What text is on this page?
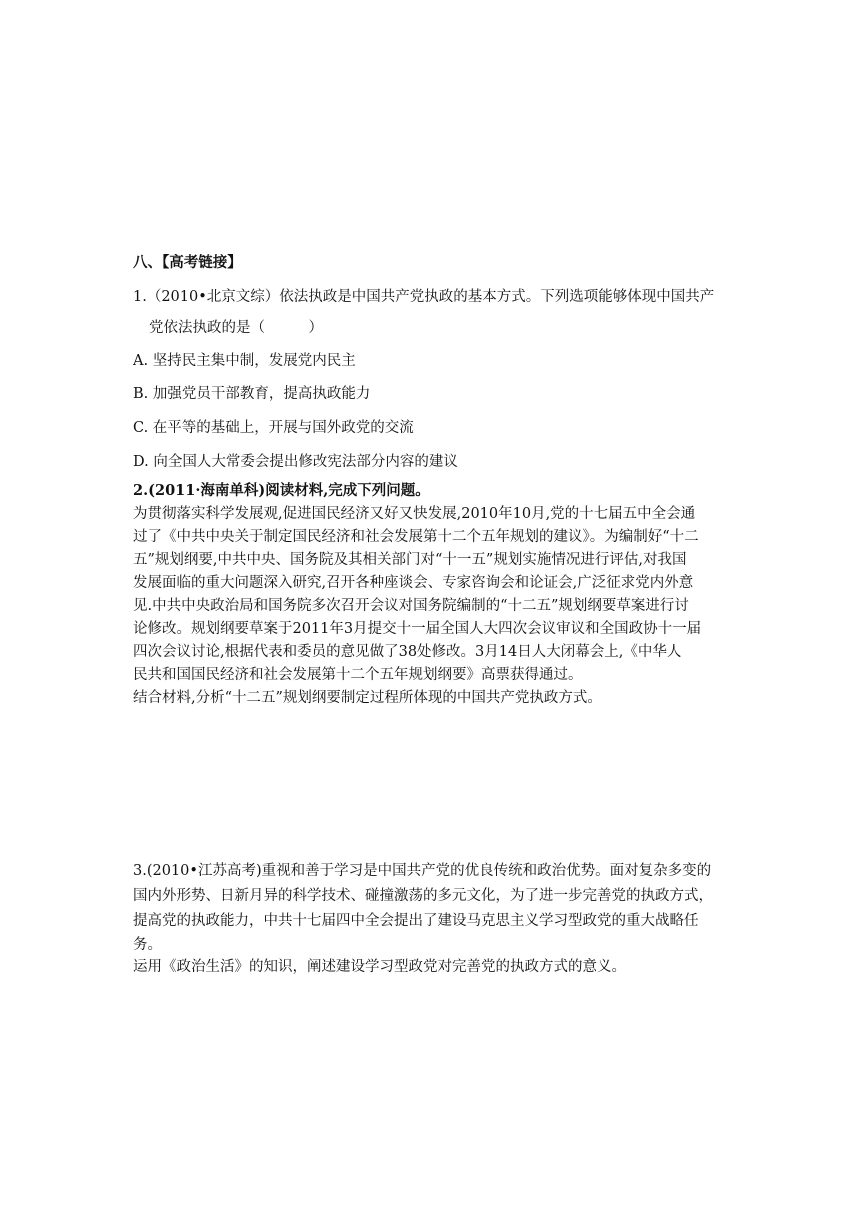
八、【高考链接】
1.（2010•北京文综）依法执政是中国共产党执政的基本方式。下列选项能够体现中国共产
党依法执政的是（　　　）
A. 坚持民主集中制，发展党内民主
B. 加强党员干部教育，提高执政能力
C. 在平等的基础上，开展与国外政党的交流
D. 向全国人大常委会提出修改宪法部分内容的建议
2.(2011·海南单科)阅读材料,完成下列问题。
为贯彻落实科学发展观,促进国民经济又好又快发展,2010年10月,党的十七届五中全会通
过了《中共中央关于制定国民经济和社会发展第十二个五年规划的建议》。为编制好“十二
五”规划纲要,中共中央、国务院及其相关部门对“十一五”规划实施情况进行评估,对我国
发展面临的重大问题深入研究,召开各种座谈会、专家咨询会和论证会,广泛征求党内外意
见.中共中央政治局和国务院多次召开会议对国务院编制的“十二五”规划纲要草案进行讨
论修改。规划纲要草案于2011年3月提交十一届全国人大四次会议审议和全国政协十一届
四次会议讨论,根据代表和委员的意见做了38处修改。3月14日人大闭幕会上,《中华人
民共和国国民经济和社会发展第十二个五年规划纲要》高票获得通过。
结合材料,分析“十二五”规划纲要制定过程所体现的中国共产党执政方式。
3.(2010•江苏高考)重视和善于学习是中国共产党的优良传统和政治优势。面对复杂多变的
国内外形势、日新月异的科学技术、碰撞激荡的多元文化，为了进一步完善党的执政方式，
提高党的执政能力，中共十七届四中全会提出了建设马克思主义学习型政党的重大战略任
务。
运用《政治生活》的知识，阐述建设学习型政党对完善党的执政方式的意义。
